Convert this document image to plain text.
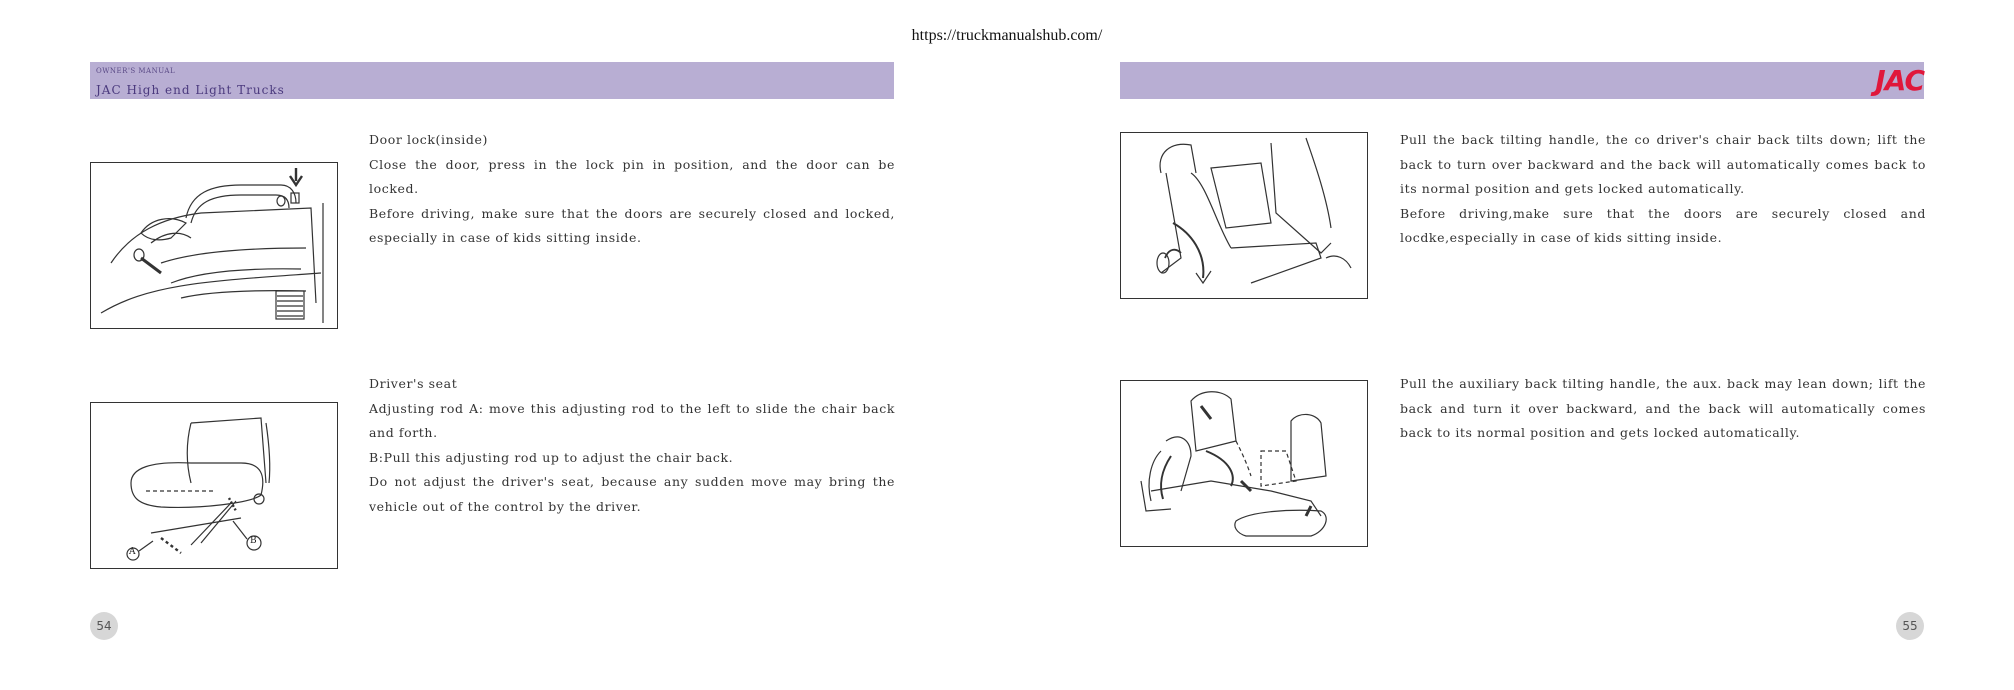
https://truckmanualshub.com/
OWNER'S MANUAL
JAC High end Light Trucks	JAC

Door lock(inside)

Close the door, press in the lock pin in position, and the door can be locked.

Before driving, make sure that the doors are securely closed and locked, especially in case of kids sitting inside.

A
B

Driver's seat

Adjusting rod A: move this adjusting rod to the left to slide the chair back and forth.

B:Pull this adjusting rod up to adjust the chair back.

Do not adjust the driver's seat, because any sudden move may bring the vehicle out of the control by the driver.

54

Pull the back tilting handle, the co driver's chair back tilts down; lift the back to turn over backward and the back will automatically comes back to its normal position and gets locked automatically.

Before driving,make sure that the doors are securely closed and locdke,especially in case of kids sitting inside.

Pull the auxiliary back tilting handle, the aux. back may lean down; lift the back and turn it over backward, and the back will automatically comes back to its normal position and gets locked automatically.

55
